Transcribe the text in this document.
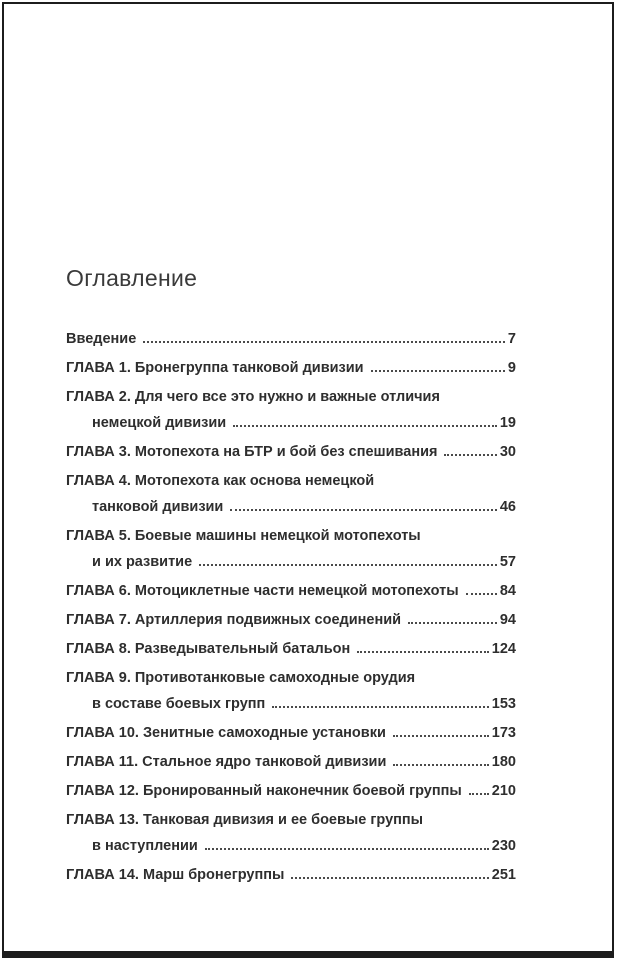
Оглавление
Введение	7
ГЛАВА 1. Бронегруппа танковой дивизии	9
ГЛАВА 2. Для чего все это нужно и важные отличия
немецкой дивизии	19
ГЛАВА 3. Мотопехота на БТР и бой без спешивания	30
ГЛАВА 4. Мотопехота как основа немецкой
танковой дивизии	46
ГЛАВА 5. Боевые машины немецкой мотопехоты
и их развитие	57
ГЛАВА 6. Мотоциклетные части немецкой мотопехоты	84
ГЛАВА 7. Артиллерия подвижных соединений	94
ГЛАВА 8. Разведывательный батальон	124
ГЛАВА 9. Противотанковые самоходные орудия
в составе боевых групп	153
ГЛАВА 10. Зенитные самоходные установки	173
ГЛАВА 11. Стальное ядро танковой дивизии	180
ГЛАВА 12. Бронированный наконечник боевой группы 210
ГЛАВА 13. Танковая дивизия и ее боевые группы
в наступлении	230
ГЛАВА 14. Марш бронегруппы	251
